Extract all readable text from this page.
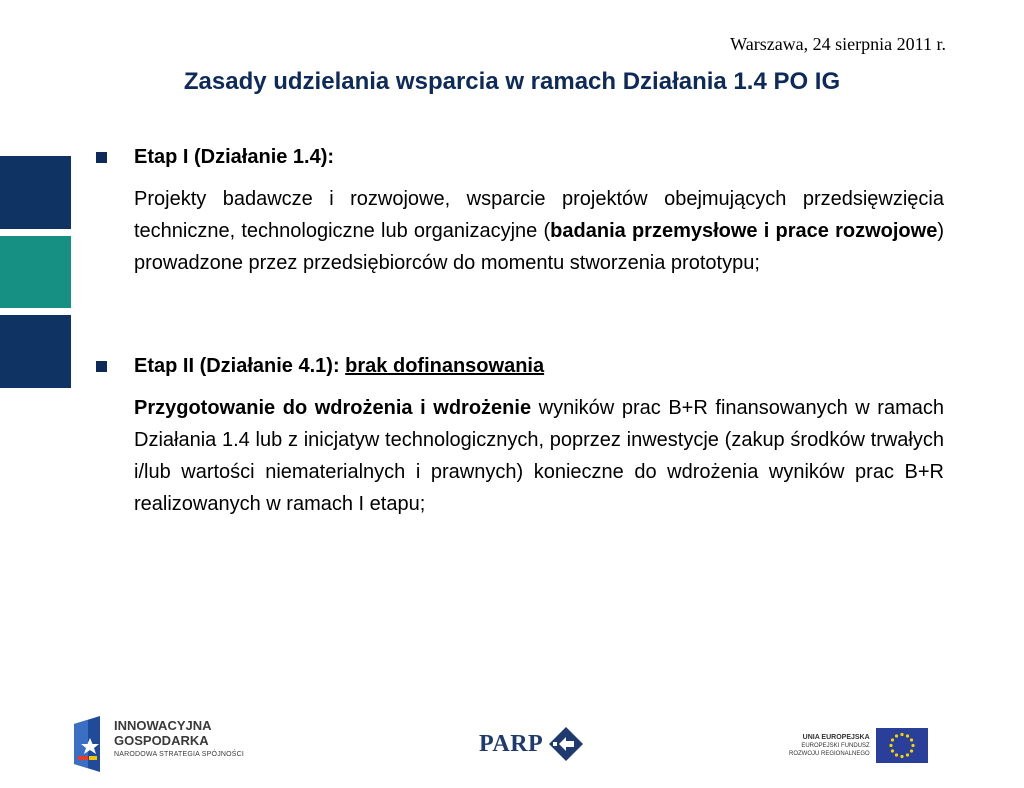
Warszawa, 24 sierpnia 2011 r.
Zasady udzielania wsparcia w ramach Działania 1.4 PO IG
Etap I (Działanie 1.4):
Projekty badawcze i rozwojowe, wsparcie projektów obejmujących przedsięwzięcia techniczne, technologiczne lub organizacyjne (badania przemysłowe i prace rozwojowe) prowadzone przez przedsiębiorców do momentu stworzenia prototypu;
Etap II (Działanie 4.1): brak dofinansowania
Przygotowanie do wdrożenia i wdrożenie wyników prac B+R finansowanych w ramach Działania 1.4 lub z inicjatyw technologicznych, poprzez inwestycje (zakup środków trwałych i/lub wartości niematerialnych i prawnych) konieczne do wdrożenia wyników prac B+R realizowanych w ramach I etapu;
INNOWACYJNA
GOSPODARKA
NARODOWA STRATEGIA SPÓJNOŚCI	PARP	UNIA EUROPEJSKA
EUROPEJSKI FUNDUSZ
ROZWOJU REGIONALNEGO
